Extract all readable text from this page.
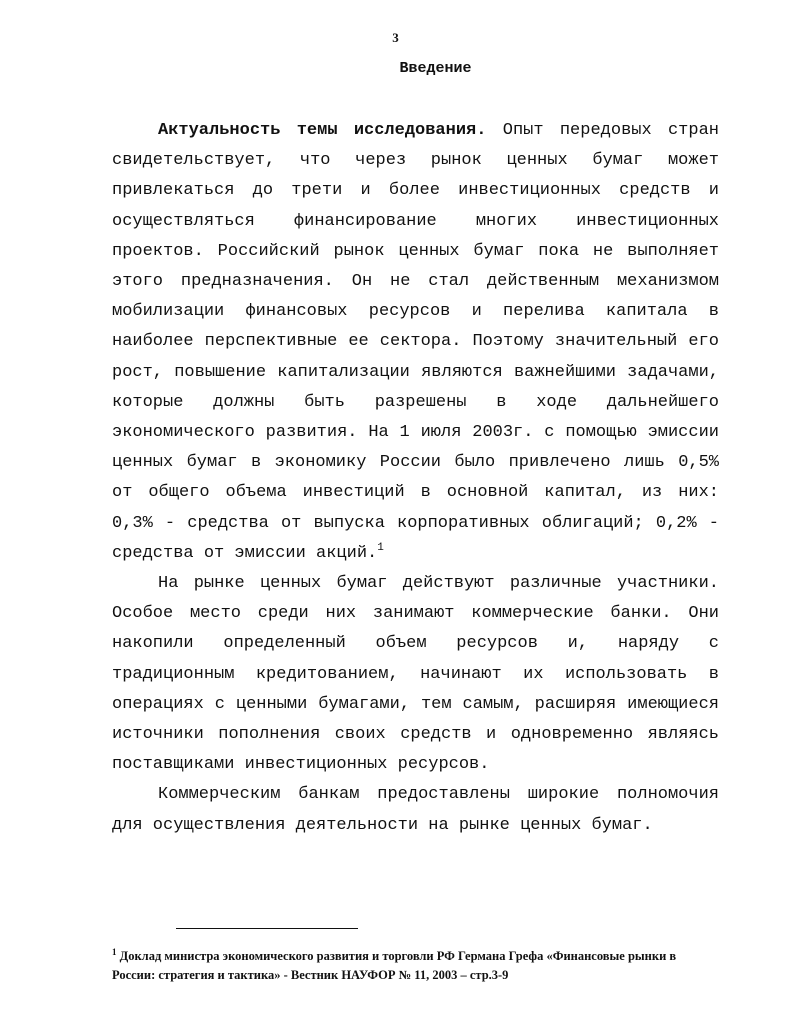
3
Введение

Актуальность темы исследования. Опыт передовых стран свидетельствует, что через рынок ценных бумаг может привлекаться до трети и более инвестиционных средств и осуществляться финансирование многих инвестиционных проектов. Российский рынок ценных бумаг пока не выполняет этого предназначения. Он не стал действенным механизмом мобилизации финансовых ресурсов и перелива капитала в наиболее перспективные ее сектора. Поэтому значительный его рост, повышение капитализации являются важнейшими задачами, которые должны быть разрешены в ходе дальнейшего экономического развития. На 1 июля 2003г. с помощью эмиссии ценных бумаг в экономику России было привлечено лишь 0,5% от общего объема инвестиций в основной капитал, из них: 0,3% - средства от выпуска корпоративных облигаций; 0,2% - средства от эмиссии акций.$^1$

На рынке ценных бумаг действуют различные участники. Особое место среди них занимают коммерческие банки. Они накопили определенный объем ресурсов и, наряду с традиционным кредитованием, начинают их использовать в операциях с ценными бумагами, тем самым, расширяя имеющиеся источники пополнения своих средств и одновременно являясь поставщиками инвестиционных ресурсов.

Коммерческим банкам предоставлены широкие полномочия для осуществления деятельности на рынке ценных бумаг.

$^1$ Доклад министра экономического развития и торговли РФ Германа Грефа «Финансовые рынки в России: стратегия и тактика» - Вестник НАУФОР № 11, 2003 – стр.3-9
